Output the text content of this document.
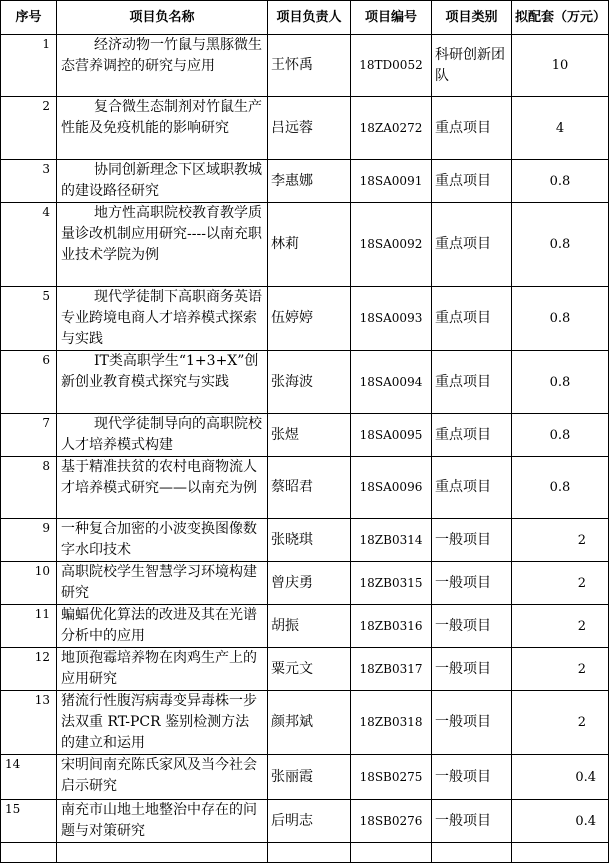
序号	项目负名称	项目负责人	项目编号	项目类别	拟配套（万元）
1	经济动物一竹鼠与黑豚微生态营养调控的研究与应用	王怀禹	18TD0052	科研创新团队	10
2	复合微生态制剂对竹鼠生产性能及免疫机能的影响研究	吕远蓉	18ZA0272	重点项目	4
3	协同创新理念下区域职教城的建设路径研究	李惠娜	18SA0091	重点项目	0.8
4	地方性高职院校教育教学质量诊改机制应用研究----以南充职业技术学院为例	林莉	18SA0092	重点项目	0.8
5	现代学徒制下高职商务英语专业跨境电商人才培养模式探索与实践	伍婷婷	18SA0093	重点项目	0.8
6	IT类高职学生“1+3+X”创新创业教育模式探究与实践	张海波	18SA0094	重点项目	0.8
7	现代学徒制导向的高职院校人才培养模式构建	张煜	18SA0095	重点项目	0.8
8	基于精准扶贫的农村电商物流人才培养模式研究——以南充为例	蔡昭君	18SA0096	重点项目	0.8
9	一种复合加密的小波变换图像数字水印技术	张晓琪	18ZB0314	一般项目	2
10	高职院校学生智慧学习环境构建研究	曾庆勇	18ZB0315	一般项目	2
11	蝙蝠优化算法的改进及其在光谱分析中的应用	胡振	18ZB0316	一般项目	2
12	地顶孢霉培养物在肉鸡生产上的应用研究	粟元文	18ZB0317	一般项目	2
13	猪流行性腹泻病毒变异毒株一步法双重 RT-PCR 鉴别检测方法的建立和运用	颜邦斌	18ZB0318	一般项目	2
14	宋明间南充陈氏家风及当今社会启示研究	张丽霞	18SB0275	一般项目	0.4
15	南充市山地土地整治中存在的问题与对策研究	后明志	18SB0276	一般项目	0.4
